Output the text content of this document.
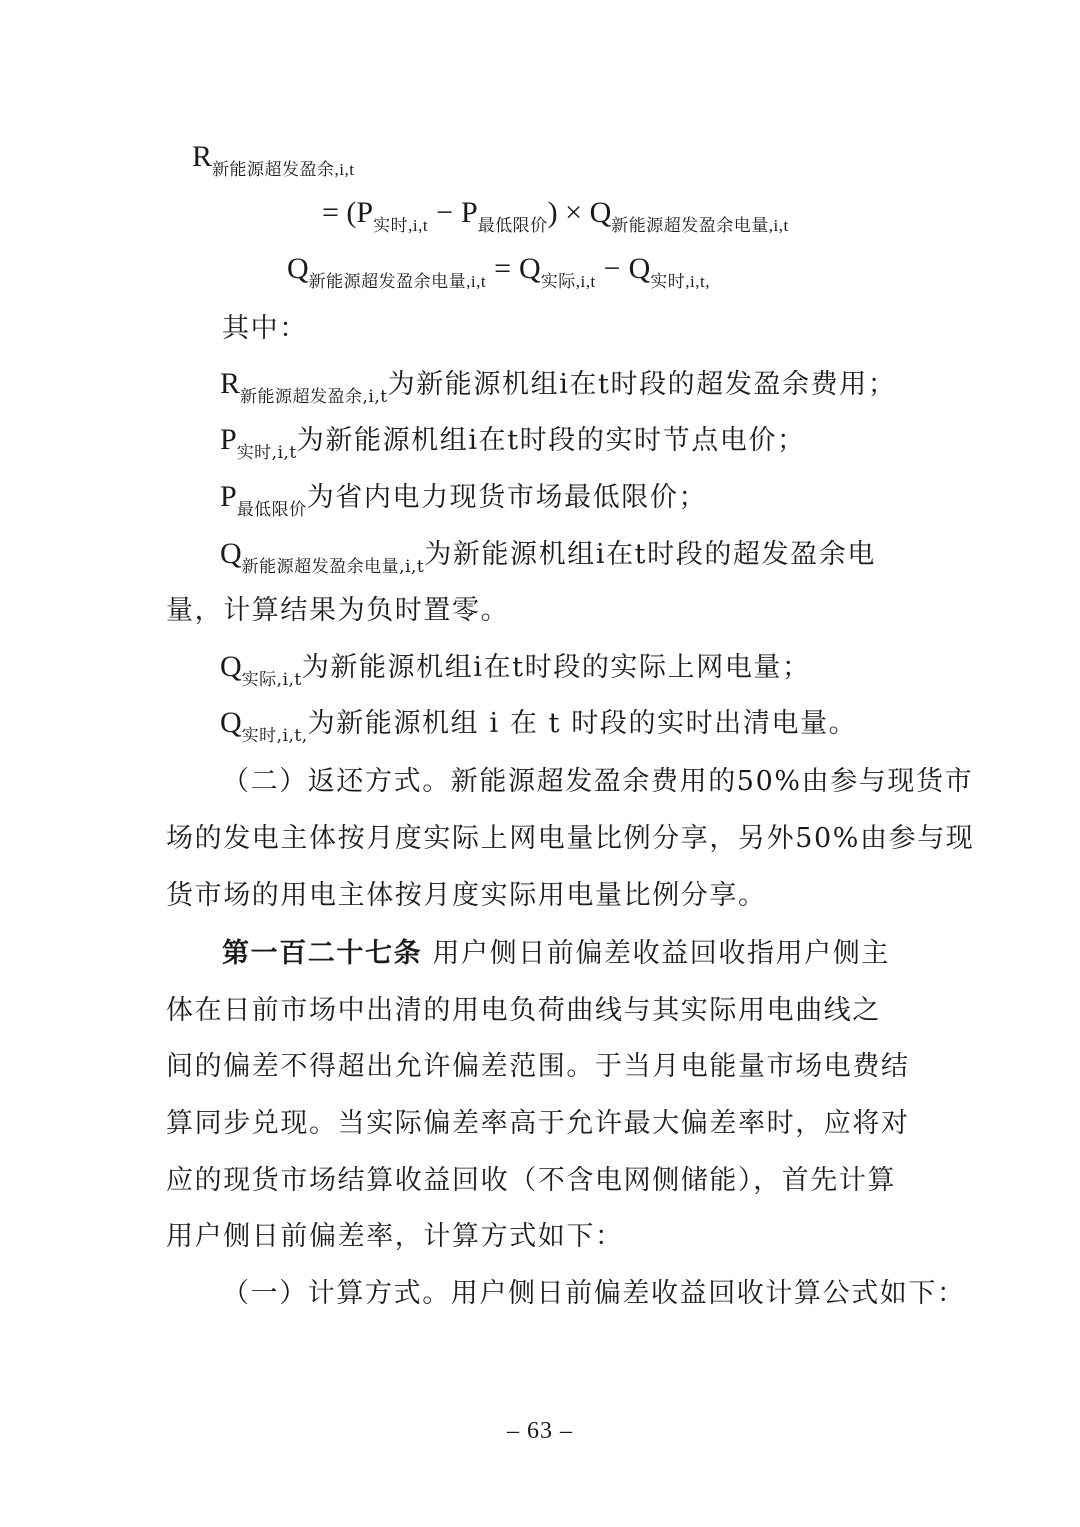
$R_{新能源超发盈余,i,t}$
= $(P_{实时,i,t} - P_{最低限价}) \times Q_{新能源超发盈余电量,i,t}$
$Q_{新能源超发盈余电量,i,t} = Q_{实际,i,t} - Q_{实时,i,t,}$
其中：
$R_{新能源超发盈余,i,t}$为新能源机组i在t时段的超发盈余费用；
$P_{实时,i,t}$为新能源机组i在t时段的实时节点电价；
$P_{最低限价}$为省内电力现货市场最低限价；
$Q_{新能源超发盈余电量,i,t}$为新能源机组i在t时段的超发盈余电
量，计算结果为负时置零。
$Q_{实际,i,t}$为新能源机组i在t时段的实际上网电量；
$Q_{实时,i,t,}$为新能源机组 i 在 t 时段的实时出清电量。
（二）返还方式。新能源超发盈余费用的50%由参与现货市
场的发电主体按月度实际上网电量比例分享，另外50%由参与现
货市场的用电主体按月度实际用电量比例分享。
第一百二十七条 用户侧日前偏差收益回收指用户侧主
体在日前市场中出清的用电负荷曲线与其实际用电曲线之
间的偏差不得超出允许偏差范围。于当月电能量市场电费结
算同步兑现。当实际偏差率高于允许最大偏差率时，应将对
应的现货市场结算收益回收（不含电网侧储能），首先计算
用户侧日前偏差率，计算方式如下：
（一）计算方式。用户侧日前偏差收益回收计算公式如下：
– 63 –
